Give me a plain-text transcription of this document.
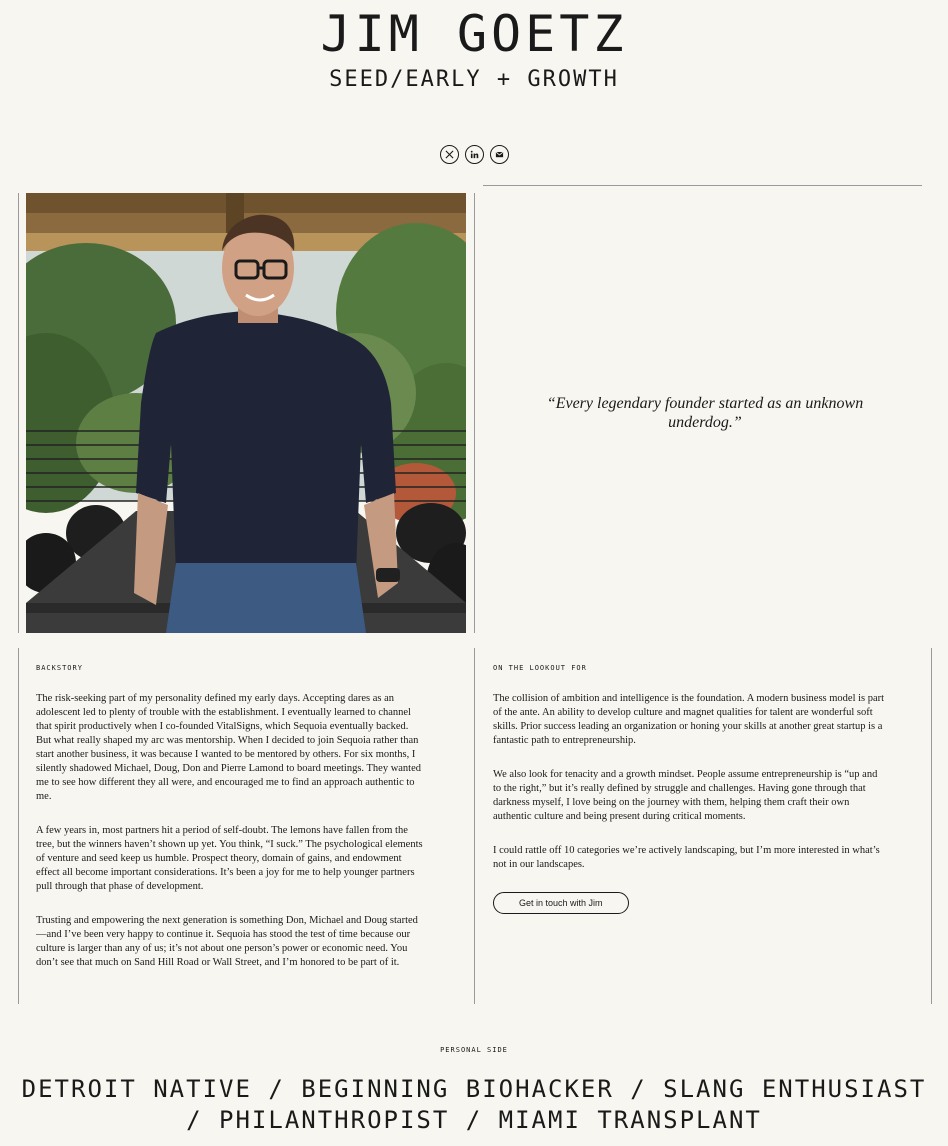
JIM GOETZ
SEED/EARLY + GROWTH
“Every legendary founder started as an unknown underdog.”
BACKSTORY

The risk-seeking part of my personality defined my early days. Accepting dares as an adolescent led to plenty of trouble with the establishment. I eventually learned to channel that spirit productively when I co-founded VitalSigns, which Sequoia eventually backed. But what really shaped my arc was mentorship. When I decided to join Sequoia rather than start another business, it was because I wanted to be mentored by others. For six months, I silently shadowed Michael, Doug, Don and Pierre Lamond to board meetings. They wanted me to see how different they all were, and encouraged me to find an approach authentic to me.

A few years in, most partners hit a period of self-doubt. The lemons have fallen from the tree, but the winners haven’t shown up yet. You think, “I suck.” The psychological elements of venture and seed keep us humble. Prospect theory, domain of gains, and endowment effect all become important considerations. It’s been a joy for me to help younger partners pull through that phase of development.

Trusting and empowering the next generation is something Don, Michael and Doug started—and I’ve been very happy to continue it. Sequoia has stood the test of time because our culture is larger than any of us; it’s not about one person’s power or economic need. You don’t see that much on Sand Hill Road or Wall Street, and I’m honored to be part of it.

ON THE LOOKOUT FOR

The collision of ambition and intelligence is the foundation. A modern business model is part of the ante. An ability to develop culture and magnet qualities for talent are wonderful soft skills. Prior success leading an organization or honing your skills at another great startup is a fantastic path to entrepreneurship.

We also look for tenacity and a growth mindset. People assume entrepreneurship is “up and to the right,” but it’s really defined by struggle and challenges. Having gone through that darkness myself, I love being on the journey with them, helping them craft their own authentic culture and being present during critical moments.

I could rattle off 10 categories we’re actively landscaping, but I’m more interested in what’s not in our landscapes.

Get in touch with Jim
PERSONAL SIDE
DETROIT NATIVE / BEGINNING BIOHACKER / SLANG ENTHUSIAST / PHILANTHROPIST / MIAMI TRANSPLANT
